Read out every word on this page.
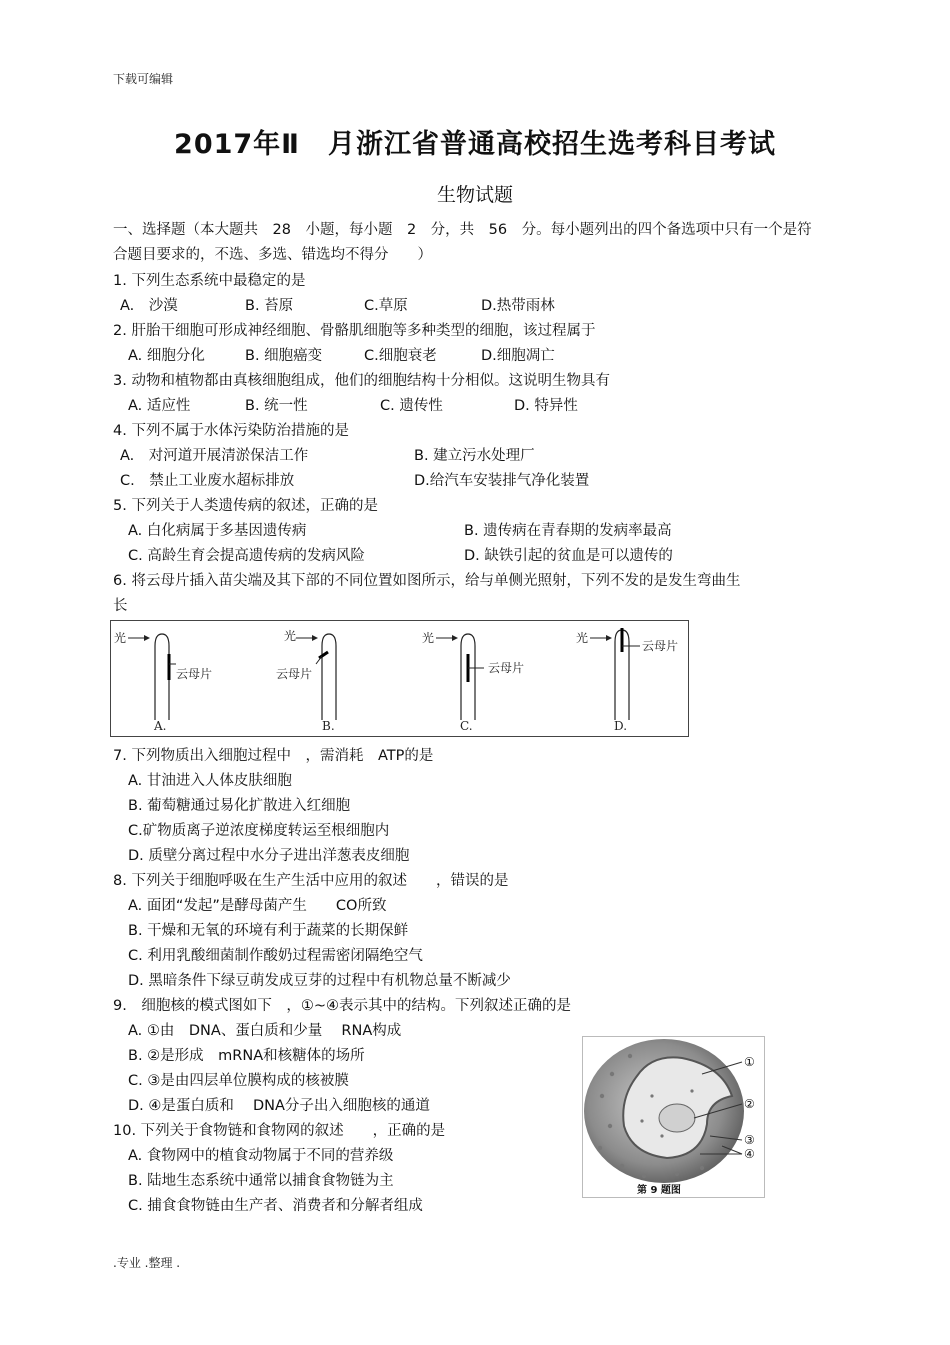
下载可编辑
2017年Ⅱ　月浙江省普通高校招生选考科目考试
生物试题
一、选择题（本大题共　28　小题，每小题　2　分，共　56　分。每小题列出的四个备选项中只有一个是符合题目要求的，不选、多选、错选均不得分　　）
1. 下列生态系统中最稳定的是
A.　沙漠	B. 苔原	C.草原	D.热带雨林
2. 肝胎干细胞可形成神经细胞、骨骼肌细胞等多种类型的细胞，该过程属于
A. 细胞分化	B. 细胞癌变	C.细胞衰老	D.细胞凋亡
3. 动物和植物都由真核细胞组成，他们的细胞结构十分相似。这说明生物具有
A. 适应性	B. 统一性	C. 遗传性	D. 特异性
4. 下列不属于水体污染防治措施的是
A.　对河道开展清淤保洁工作	B. 建立污水处理厂
C.　禁止工业废水超标排放	D.给汽车安装排气净化装置
5. 下列关于人类遗传病的叙述，正确的是
A. 白化病属于多基因遗传病	B. 遗传病在青春期的发病率最高
C. 高龄生育会提高遗传病的发病风险	D. 缺铁引起的贫血是可以遗传的
6. 将云母片插入苗尖端及其下部的不同位置如图所示，给与单侧光照射，下列不发的是发生弯曲生
长
光
云母片
A.
光
云母片
B.
光
云母片
C.
光
云母片
D.
7. 下列物质出入细胞过程中　，需消耗　ATP的是
A. 甘油进入人体皮肤细胞
B. 葡萄糖通过易化扩散进入红细胞
C.矿物质离子逆浓度梯度转运至根细胞内
D. 质壁分离过程中水分子进出洋葱表皮细胞
8. 下列关于细胞呼吸在生产生活中应用的叙述　　，错误的是
A. 面团“发起”是酵母菌产生　　CO所致
B. 干燥和无氧的环境有利于蔬菜的长期保鲜
C. 利用乳酸细菌制作酸奶过程需密闭隔绝空气
D. 黑暗条件下绿豆萌发成豆芽的过程中有机物总量不断减少
9.　细胞核的模式图如下　，①~④表示其中的结构。下列叙述正确的是
A. ①由　DNA、蛋白质和少量　 RNA构成
B. ②是形成　mRNA和核糖体的场所
C. ③是由四层单位膜构成的核被膜
D. ④是蛋白质和　 DNA分子出入细胞核的通道
①
②
③
④
第 9 题图
10. 下列关于食物链和食物网的叙述　　，正确的是
A. 食物网中的植食动物属于不同的营养级
B. 陆地生态系统中通常以捕食食物链为主
C. 捕食食物链由生产者、消费者和分解者组成
.专业 .整理 .
